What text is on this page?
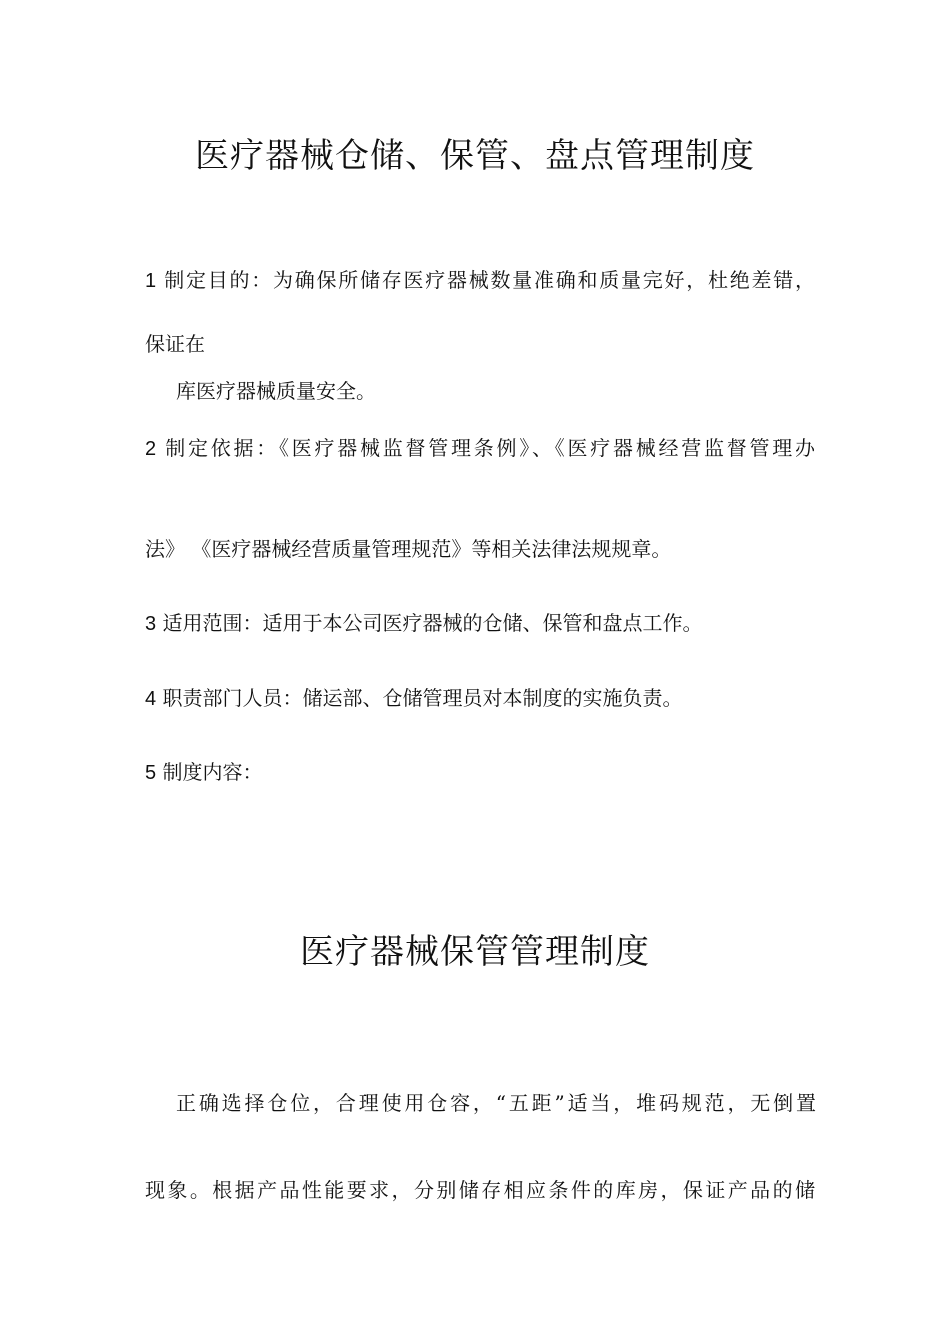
医疗器械仓储、保管、盘点管理制度

1 制定目的：为确保所储存医疗器械数量准确和质量完好，杜绝差错，

保证在

库医疗器械质量安全。

2 制定依据：《医疗器械监督管理条例》、《医疗器械经营监督管理办

法》 《医疗器械经营质量管理规范》等相关法律法规规章。

3 适用范围：适用于本公司医疗器械的仓储、保管和盘点工作。

4 职责部门人员：储运部、仓储管理员对本制度的实施负责。

5 制度内容：

医疗器械保管管理制度

正确选择仓位，合理使用仓容，“五距”适当，堆码规范，无倒置

现象。根据产品性能要求，分别储存相应条件的库房，保证产品的储
